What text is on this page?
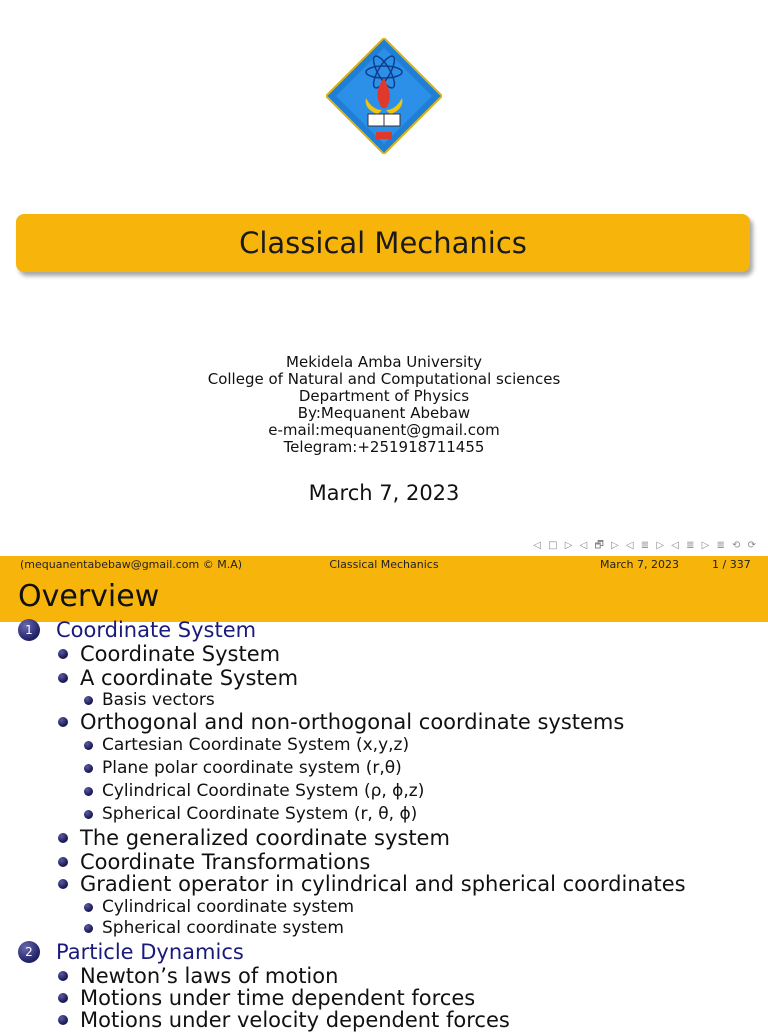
Classical Mechanics
Mekidela Amba University
College of Natural and Computational sciences
Department of Physics
By:Mequanent Abebaw
e-mail:mequanent@gmail.com
Telegram:+251918711455
March 7, 2023
◁ □ ▷ ◁ 🗗 ▷ ◁ ≣ ▷ ◁ ≣ ▷ ≣ ⟲ ⟳
(mequanentabebaw@gmail.com © M.A)	Classical Mechanics	March 7, 2023	1 / 337
Overview
1	Coordinate System
Coordinate System
A coordinate System
Basis vectors
Orthogonal and non-orthogonal coordinate systems
Cartesian Coordinate System (x,y,z)
Plane polar coordinate system (r,θ)
Cylindrical Coordinate System (ρ, ϕ,z)
Spherical Coordinate System (r, θ, ϕ)
The generalized coordinate system
Coordinate Transformations
Gradient operator in cylindrical and spherical coordinates
Cylindrical coordinate system
Spherical coordinate system
2	Particle Dynamics
Newton’s laws of motion
Motions under time dependent forces
Motions under velocity dependent forces
